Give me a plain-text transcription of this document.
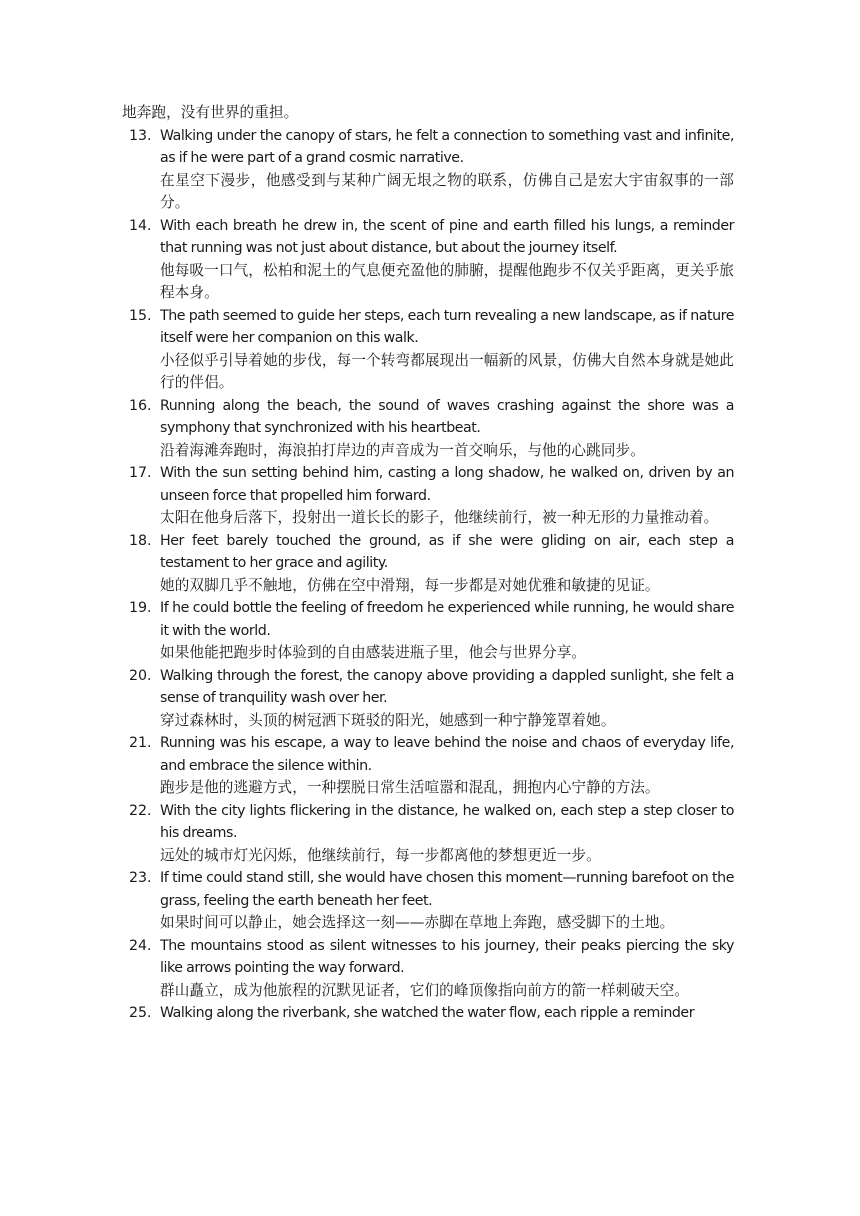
地奔跑，没有世界的重担。

13. Walking under the canopy of stars, he felt a connection to something vast and infinite, as if he were part of a grand cosmic narrative.

在星空下漫步，他感受到与某种广阔无垠之物的联系，仿佛自己是宏大宇宙叙事的一部分。

14. With each breath he drew in, the scent of pine and earth filled his lungs, a reminder that running was not just about distance, but about the journey itself.

他每吸一口气，松柏和泥土的气息便充盈他的肺腑，提醒他跑步不仅关乎距离，更关乎旅程本身。

15. The path seemed to guide her steps, each turn revealing a new landscape, as if nature itself were her companion on this walk.

小径似乎引导着她的步伐，每一个转弯都展现出一幅新的风景，仿佛大自然本身就是她此行的伴侣。

16. Running along the beach, the sound of waves crashing against the shore was a symphony that synchronized with his heartbeat.

沿着海滩奔跑时，海浪拍打岸边的声音成为一首交响乐，与他的心跳同步。

17. With the sun setting behind him, casting a long shadow, he walked on, driven by an unseen force that propelled him forward.

太阳在他身后落下，投射出一道长长的影子，他继续前行，被一种无形的力量推动着。

18. Her feet barely touched the ground, as if she were gliding on air, each step a testament to her grace and agility.

她的双脚几乎不触地，仿佛在空中滑翔，每一步都是对她优雅和敏捷的见证。

19. If he could bottle the feeling of freedom he experienced while running, he would share it with the world.

如果他能把跑步时体验到的自由感装进瓶子里，他会与世界分享。

20. Walking through the forest, the canopy above providing a dappled sunlight, she felt a sense of tranquility wash over her.

穿过森林时，头顶的树冠洒下斑驳的阳光，她感到一种宁静笼罩着她。

21. Running was his escape, a way to leave behind the noise and chaos of everyday life, and embrace the silence within.

跑步是他的逃避方式，一种摆脱日常生活喧嚣和混乱，拥抱内心宁静的方法。

22. With the city lights flickering in the distance, he walked on, each step a step closer to his dreams.

远处的城市灯光闪烁，他继续前行，每一步都离他的梦想更近一步。

23. If time could stand still, she would have chosen this moment—running barefoot on the grass, feeling the earth beneath her feet.

如果时间可以静止，她会选择这一刻——赤脚在草地上奔跑，感受脚下的土地。

24. The mountains stood as silent witnesses to his journey, their peaks piercing the sky like arrows pointing the way forward.

群山矗立，成为他旅程的沉默见证者，它们的峰顶像指向前方的箭一样刺破天空。

25. Walking along the riverbank, she watched the water flow, each ripple a reminder
